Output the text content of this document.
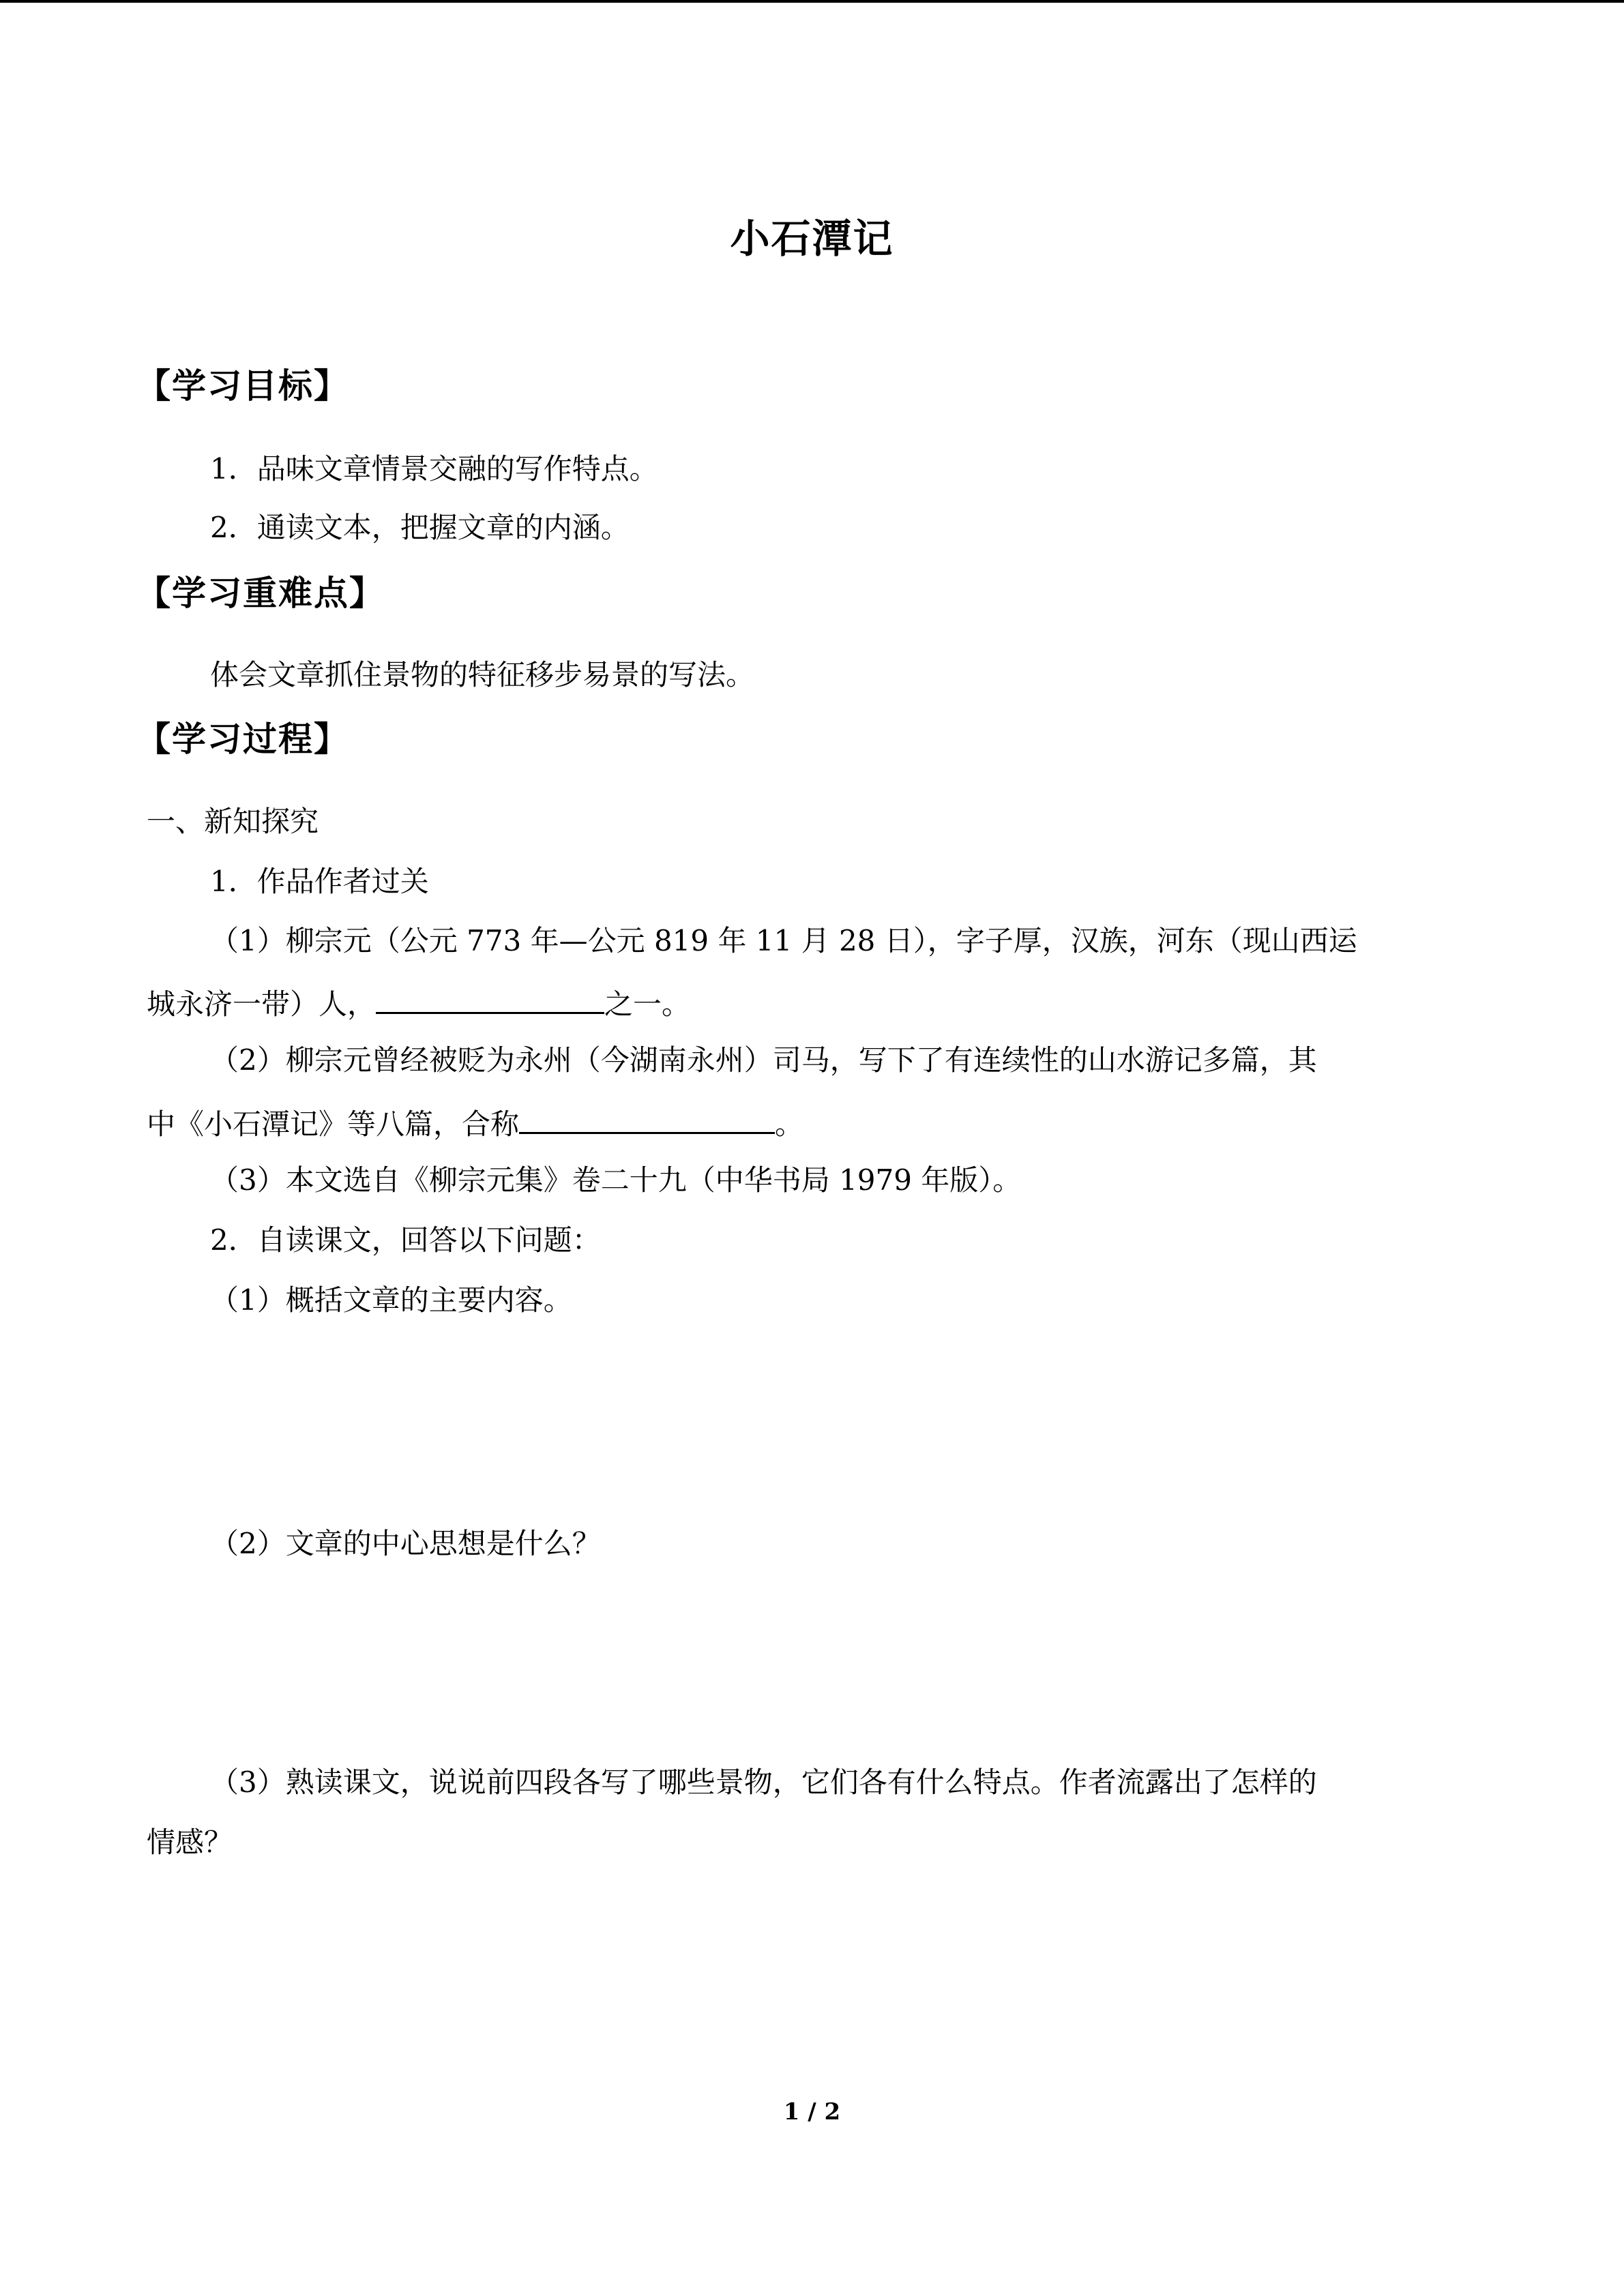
小石潭记
【学习目标】
1．品味文章情景交融的写作特点。
2．通读文本，把握文章的内涵。
【学习重难点】
体会文章抓住景物的特征移步易景的写法。
【学习过程】
一、新知探究
1．作品作者过关
（1）柳宗元（公元 773 年—公元 819 年 11 月 28 日），字子厚，汉族，河东（现山西运
城永济一带）人，	之一。
（2）柳宗元曾经被贬为永州（今湖南永州）司马，写下了有连续性的山水游记多篇，其
中《小石潭记》等八篇，合称	。
（3）本文选自《柳宗元集》卷二十九（中华书局 1979 年版）。
2．自读课文，回答以下问题：
（1）概括文章的主要内容。
（2）文章的中心思想是什么？
（3）熟读课文，说说前四段各写了哪些景物，它们各有什么特点。作者流露出了怎样的
情感？
1 / 2
